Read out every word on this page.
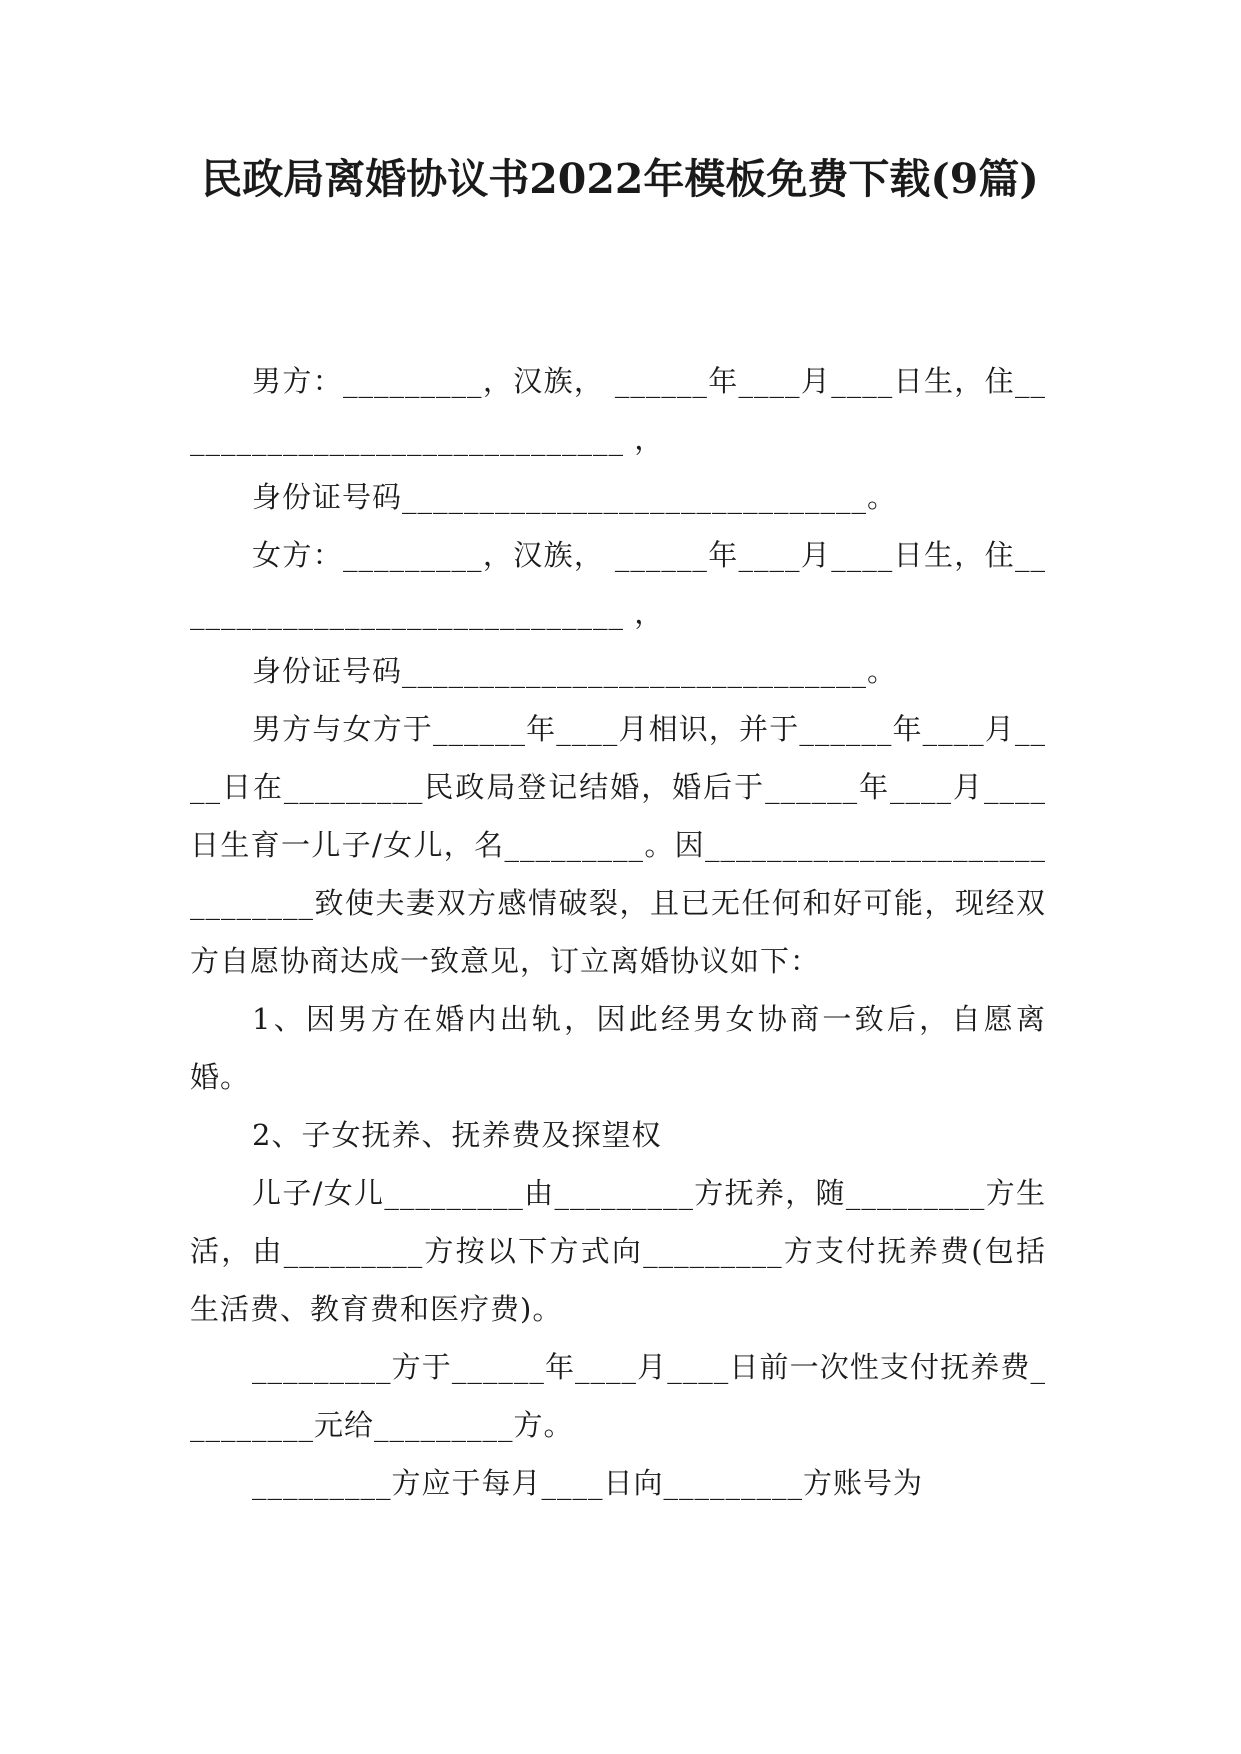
民政局离婚协议书2022年模板免费下载(9篇)

男方：_________，汉族， ______年____月____日生，住______________________________ ，

身份证号码______________________________。

女方：_________，汉族， ______年____月____日生，住______________________________ ，

身份证号码______________________________。

男方与女方于______年____月相识，并于______年____月____日在_________民政局登记结婚，婚后于______年____月____日生育一儿子/女儿，名_________。因______________________________致使夫妻双方感情破裂，且已无任何和好可能，现经双方自愿协商达成一致意见，订立离婚协议如下：

1、因男方在婚内出轨，因此经男女协商一致后，自愿离婚。

2、子女抚养、抚养费及探望权

儿子/女儿_________由_________方抚养，随_________方生活，由_________方按以下方式向_________方支付抚养费(包括生活费、教育费和医疗费)。

_________方于______年____月____日前一次性支付抚养费_________元给_________方。

_________方应于每月____日向_________方账号为
